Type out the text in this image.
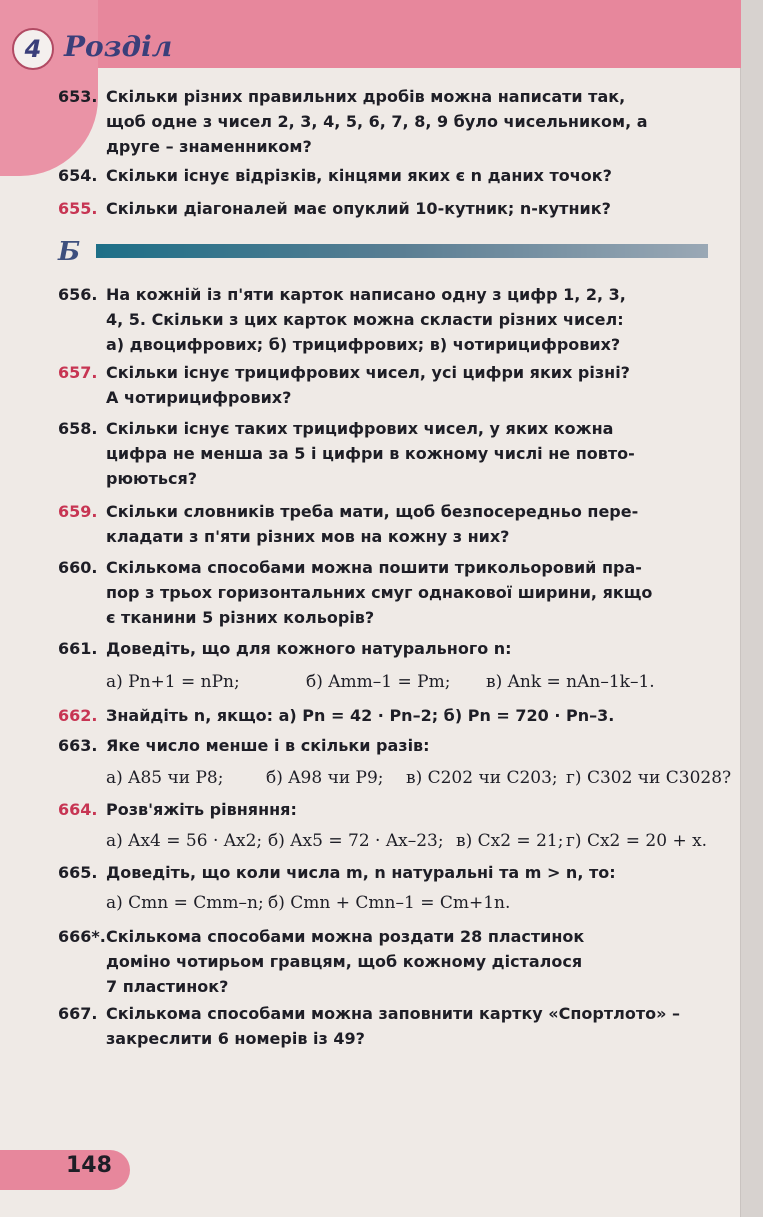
4 Розділ
653. Скільки різних правильних дробів можна написати так,
щоб одне з чисел 2, 3, 4, 5, 6, 7, 8, 9 було чисельником, а
друге – знаменником?
654. Скільки існує відрізків, кінцями яких є n даних точок?
655. Скільки діагоналей має опуклий 10-кутник; n-кутник?
Б
656. На кожній із п'яти карток написано одну з цифр 1, 2, 3,
4, 5. Скільки з цих карток можна скласти різних чисел:
а) двоцифрових; б) трицифрових; в) чотирицифрових?
657. Скільки існує трицифрових чисел, усі цифри яких різні?
А чотирицифрових?
658. Скільки існує таких трицифрових чисел, у яких кожна
цифра не менша за 5 і цифри в кожному числі не повто-
рюються?
659. Скільки словників треба мати, щоб безпосередньо пере-
кладати з п'яти різних мов на кожну з них?
660. Скількома способами можна пошити трикольоровий пра-
пор з трьох горизонтальних смуг однакової ширини, якщо
є тканини 5 різних кольорів?
661. Доведіть, що для кожного натурального n:
а) Pn+1 = nPn;	б) Amm–1 = Pm; в) Ank = nAn–1k–1.
662. Знайдіть n, якщо: а) Pn = 42 · Pn–2; б) Pn = 720 · Pn–3.
663. Яке число менше і в скільки разів:
а) A85 чи P8;	б) A98 чи P9; в) C202 чи C203; г) C302 чи C3028?
664. Розв'яжіть рівняння:
а) Ax4 = 56 · Ax2; б) Ax5 = 72 · Ax–23; в) Cx2 = 21; г) Cx2 = 20 + x.
665. Доведіть, що коли числа m, n натуральні та m > n, то:
а) Cmn = Cmm–n; б) Cmn + Cmn–1 = Cm+1n.
666*. Скількома способами можна роздати 28 пластинок
доміно чотирьом гравцям, щоб кожному дісталося
7 пластинок?
667. Скількома способами можна заповнити картку «Спортлото» –
закреслити 6 номерів із 49?
148
